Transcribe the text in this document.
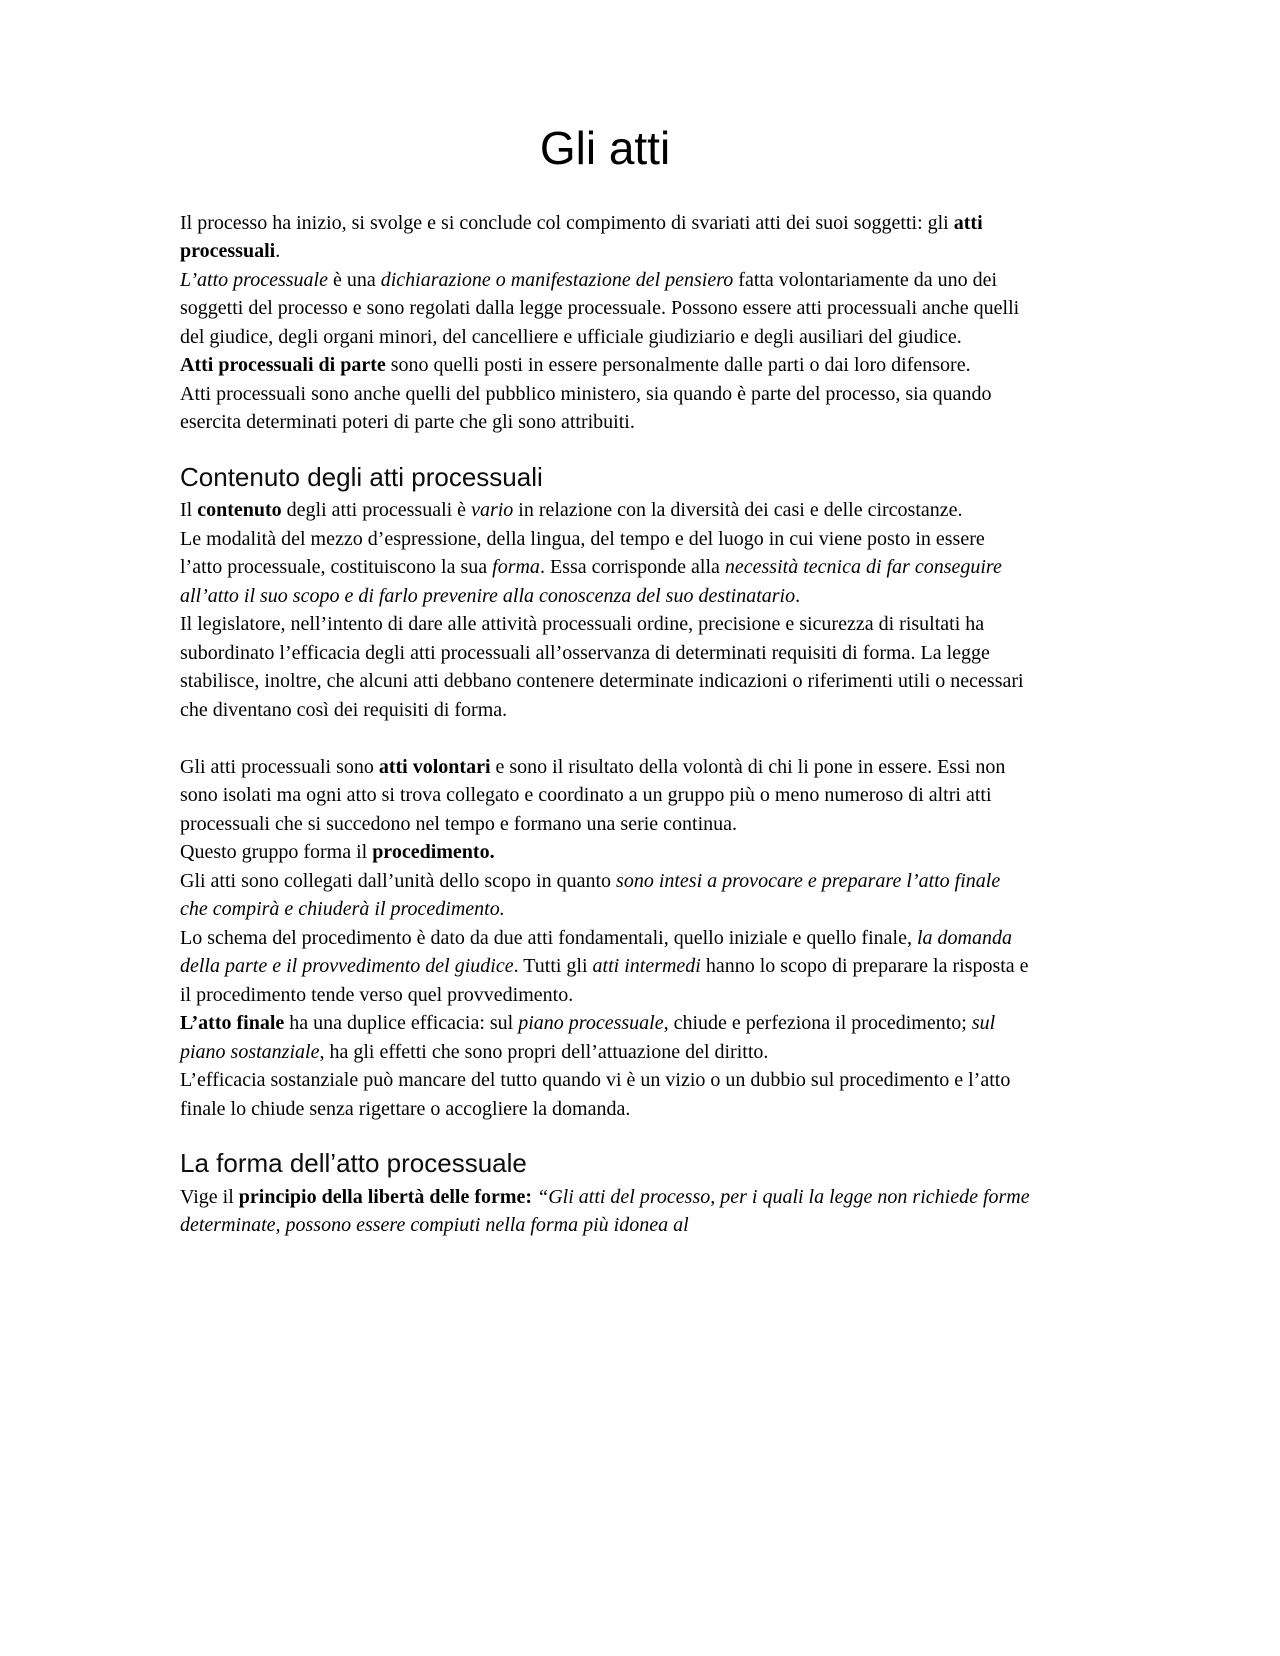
Gli atti

Il processo ha inizio, si svolge e si conclude col compimento di svariati atti dei suoi soggetti: gli atti processuali.

L’atto processuale è una dichiarazione o manifestazione del pensiero fatta volontariamente da uno dei soggetti del processo e sono regolati dalla legge processuale. Possono essere atti processuali anche quelli del giudice, degli organi minori, del cancelliere e ufficiale giudiziario e degli ausiliari del giudice.

Atti processuali di parte sono quelli posti in essere personalmente dalle parti o dai loro difensore.

Atti processuali sono anche quelli del pubblico ministero, sia quando è parte del processo, sia quando esercita determinati poteri di parte che gli sono attribuiti.

Contenuto degli atti processuali

Il contenuto degli atti processuali è vario in relazione con la diversità dei casi e delle circostanze.

Le modalità del mezzo d’espressione, della lingua, del tempo e del luogo in cui viene posto in essere l’atto processuale, costituiscono la sua forma. Essa corrisponde alla necessità tecnica di far conseguire all’atto il suo scopo e di farlo prevenire alla conoscenza del suo destinatario.

Il legislatore, nell’intento di dare alle attività processuali ordine, precisione e sicurezza di risultati ha subordinato l’efficacia degli atti processuali all’osservanza di determinati requisiti di forma. La legge stabilisce, inoltre, che alcuni atti debbano contenere determinate indicazioni o riferimenti utili o necessari che diventano così dei requisiti di forma.

Gli atti processuali sono atti volontari e sono il risultato della volontà di chi li pone in essere. Essi non sono isolati ma ogni atto si trova collegato e coordinato a un gruppo più o meno numeroso di altri atti processuali che si succedono nel tempo e formano una serie continua.

Questo gruppo forma il procedimento.

Gli atti sono collegati dall’unità dello scopo in quanto sono intesi a provocare e preparare l’atto finale che compirà e chiuderà il procedimento.

Lo schema del procedimento è dato da due atti fondamentali, quello iniziale e quello finale, la domanda della parte e il provvedimento del giudice. Tutti gli atti intermedi hanno lo scopo di preparare la risposta e il procedimento tende verso quel provvedimento.

L’atto finale ha una duplice efficacia: sul piano processuale, chiude e perfeziona il procedimento; sul piano sostanziale, ha gli effetti che sono propri dell’attuazione del diritto.

L’efficacia sostanziale può mancare del tutto quando vi è un vizio o un dubbio sul procedimento e l’atto finale lo chiude senza rigettare o accogliere la domanda.

La forma dell’atto processuale

Vige il principio della libertà delle forme: “Gli atti del processo, per i quali la legge non richiede forme determinate, possono essere compiuti nella forma più idonea al
